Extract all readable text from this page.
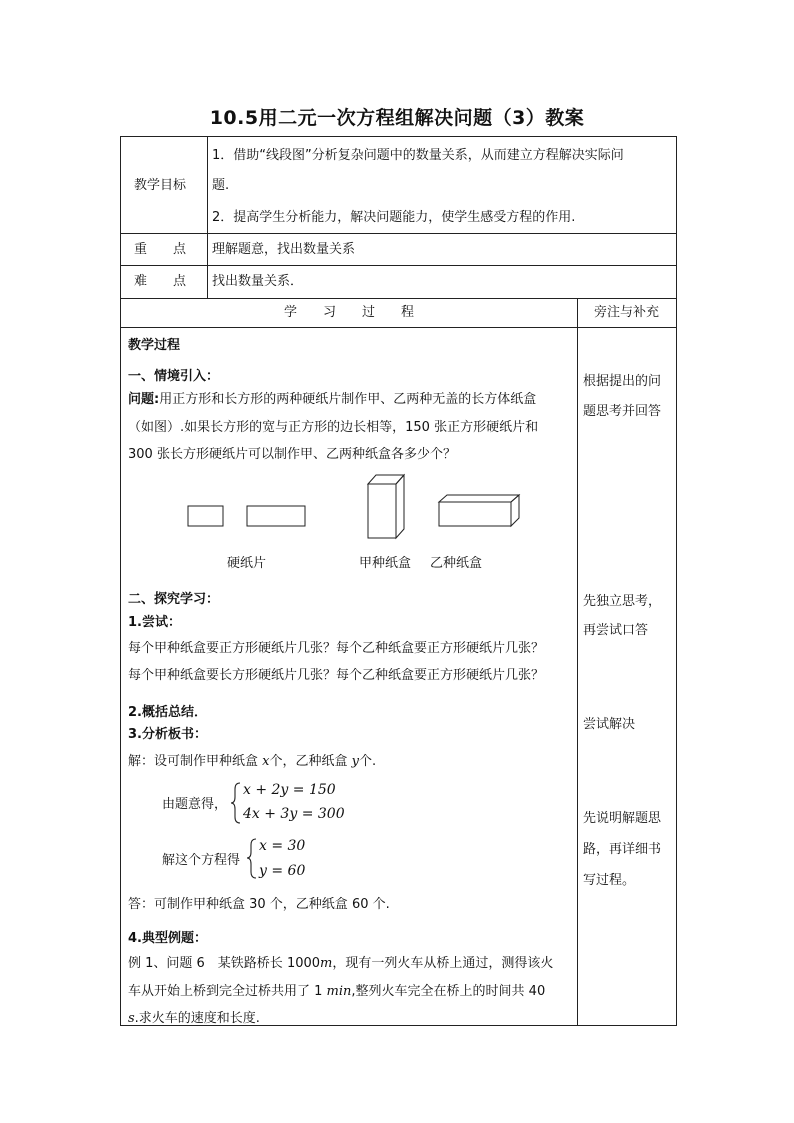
10.5用二元一次方程组解决问题（3）教案
教学目标
1．借助“线段图”分析复杂问题中的数量关系，从而建立方程解决实际问
题.
2．提高学生分析能力，解决问题能力，使学生感受方程的作用.
重　　点 理解题意，找出数量关系
难　　点 找出数量关系．
学　　习　　过　　程	旁注与补充
教学过程
一、情境引入：
问题:用正方形和长方形的两种硬纸片制作甲、乙两种无盖的长方体纸盒
（如图）.如果长方形的宽与正方形的边长相等，150 张正方形硬纸片和
300 张长方形硬纸片可以制作甲、乙两种纸盒各多少个？
硬纸片	甲种纸盒 乙种纸盒
二、探究学习：
1.尝试：
每个甲种纸盒要正方形硬纸片几张？每个乙种纸盒要正方形硬纸片几张？
每个甲种纸盒要长方形硬纸片几张？每个乙种纸盒要正方形硬纸片几张？
2.概括总结．
3.分析板书：
解：设可制作甲种纸盒 x个，乙种纸盒 y个.
由题意得，
x + 2y = 150
4x + 3y = 300
解这个方程得
x = 30
y = 60
答：可制作甲种纸盒 30 个，乙种纸盒 60 个.
4.典型例题：
例 1、问题 6　某铁路桥长 1000m，现有一列火车从桥上通过，测得该火
车从开始上桥到完全过桥共用了 1 min,整列火车完全在桥上的时间共 40
s.求火车的速度和长度.
根据提出的问
题思考并回答
先独立思考，
再尝试口答
尝试解决
先说明解题思
路，再详细书
写过程。
